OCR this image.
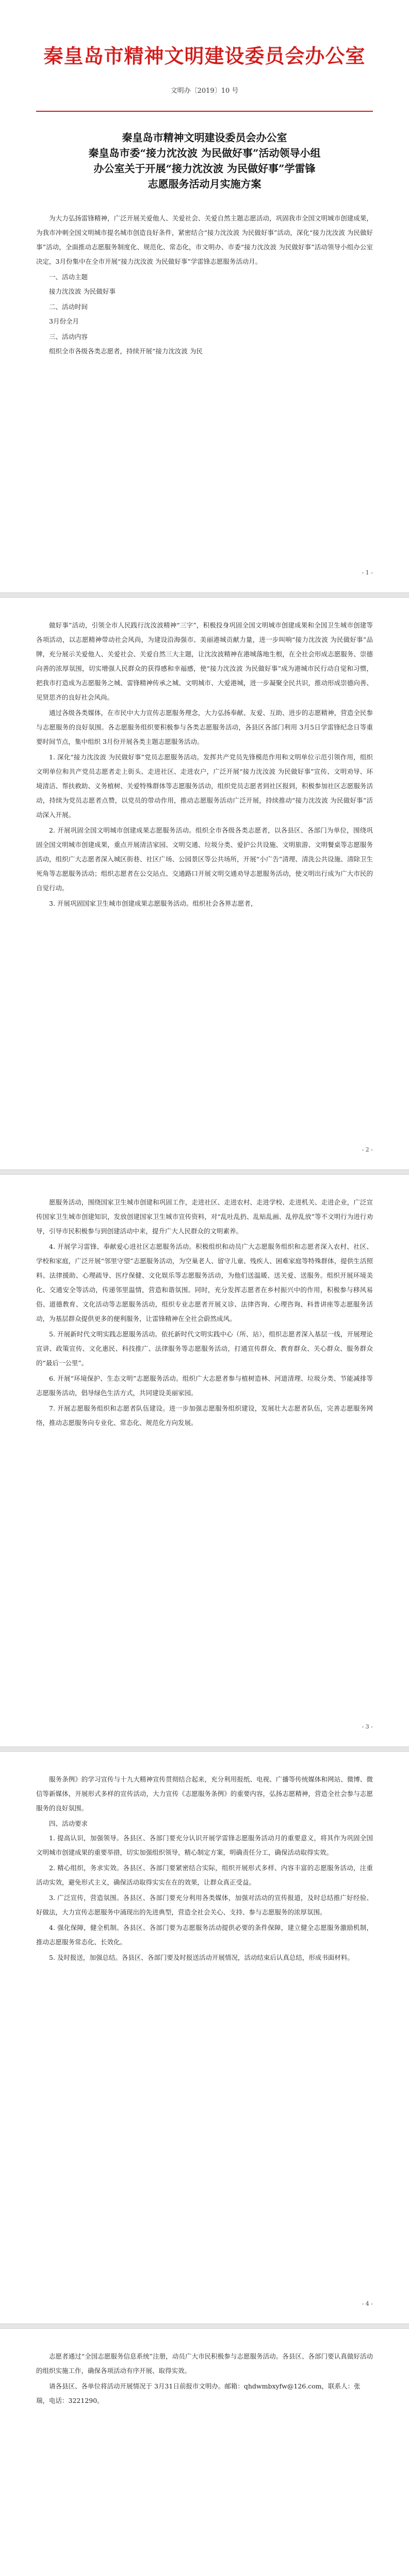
秦皇岛市精神文明建设委员会办公室
文明办〔2019〕10 号
秦皇岛市精神文明建设委员会办公室
秦皇岛市委“接力沈汝波 为民做好事”活动领导小组
办公室关于开展“接力沈汝波 为民做好事”学雷锋
志愿服务活动月实施方案

为大力弘扬雷锋精神，广泛开展关爱他人、关爱社会、关爱自然主题志愿活动，巩固我市全国文明城市创建成果，为我市冲刺全国文明城市提名城市创造良好条件，紧密结合“接力沈汝波 为民做好事”活动，深化“接力沈汝波 为民做好事”活动，全面推动志愿服务制度化、规范化、常态化，市文明办、市委“接力沈汝波 为民做好事”活动领导小组办公室决定，3月份集中在全市开展“接力沈汝波 为民做好事”学雷锋志愿服务活动月。

一、活动主题

接力沈汝波 为民做好事

二、活动时间

3月份全月

三、活动内容

组织全市各级各类志愿者，持续开展“接力沈汝波 为民

- 1 -

做好事”活动，引领全市人民践行沈汝波精神“三字”，积极投身巩固全国文明城市创建成果和全国卫生城市创建等各项活动，以志愿精神带动社会风尚，为建设沿海强市、美丽港城贡献力量，进一步叫响“接力沈汝波 为民做好事”品牌，充分展示关爱他人、关爱社会、关爱自然三大主题，让沈汝波精神在港城落地生根，在全社会形成志愿服务、崇德向善的浓厚氛围，切实增强人民群众的获得感和幸福感，使“接力沈汝波 为民做好事”成为港城市民行动自觉和习惯，把我市打造成为志愿服务之城、雷锋精神传承之城、文明城市、大爱港城，进一步凝聚全民共识，推动形成崇德向善、见贤思齐的良好社会风尚。

通过各级各类媒体，在市民中大力宣传志愿服务理念，大力弘扬奉献、友爱、互助、进步的志愿精神，营造全民参与志愿服务的良好氛围。各志愿服务组织要积极参与各类志愿服务活动，各县区各部门利用 3月5日学雷锋纪念日等重要时间节点，集中组织 3月份开展各类主题志愿服务活动。

1. 深化“接力沈汝波 为民做好事”党员志愿服务活动。发挥共产党员先锋模范作用和文明单位示范引领作用，组织文明单位和共产党员志愿者走上街头、走进社区、走进农户，广泛开展“接力沈汝波 为民做好事”宣传、文明劝导、环境清洁、帮扶救助、义务植树、关爱特殊群体等志愿服务活动，组织党员志愿者到社区报到，积极参加社区志愿服务活动，持续为党员志愿者点赞，以党员的带动作用，推动志愿服务活动广泛开展，持续推动“接力沈汝波 为民做好事”活动深入开展。

2. 开展巩固全国文明城市创建成果志愿服务活动。组织全市各级各类志愿者，以各县区、各部门为单位，围绕巩固全国文明城市创建成果，重点开展清洁家园、文明交通、垃圾分类、爱护公共设施、文明旅游、文明餐桌等志愿服务活动，组织广大志愿者深入城区街巷、社区广场、公园景区等公共场所，开展“小广告”清理、清洗公共设施、清除卫生死角等志愿服务活动；组织志愿者在公交站点、交通路口开展文明交通劝导志愿服务活动，使文明出行成为广大市民的自觉行动。

3. 开展巩固国家卫生城市创建成果志愿服务活动。组织社会各界志愿者，

- 2 -

愿服务活动，围绕国家卫生城市创建和巩固工作，走进社区、走进农村、走进学校、走进机关、走进企业，广泛宣传国家卫生城市创建知识，发放创建国家卫生城市宣传资料，对“乱吐乱扔、乱贴乱画、乱停乱放”等不文明行为进行劝导，引导市民积极参与到创建活动中来，提升广大人民群众的文明素养。

4. 开展学习雷锋、奉献爱心进社区志愿服务活动。积极组织和动员广大志愿服务组织和志愿者深入农村、社区、学校和家庭，广泛开展“邻里守望”志愿服务活动，为空巢老人、留守儿童、残疾人、困难家庭等特殊群体，提供生活照料、法律援助、心理疏导、医疗保健、文化娱乐等志愿服务活动，为他们送温暖、送关爱、送服务。组织开展环境美化、交通安全等活动，传递邻里温情，营造和谐氛围。同时，充分发挥志愿者在乡村振兴中的作用，积极参与移风易俗、道德教育、文化活动等志愿服务活动，组织专业志愿者开展义诊、法律咨询、心理咨询、科普讲座等志愿服务活动，为基层群众提供更多的便利服务，让雷锋精神在全社会蔚然成风。

5. 开展新时代文明实践志愿服务活动。依托新时代文明实践中心（所、站），组织志愿者深入基层一线，开展理论宣讲、政策宣传、文化惠民、科技推广、法律服务等志愿服务活动，打通宣传群众、教育群众、关心群众、服务群众的“最后一公里”。

6. 开展“环境保护、生态文明”志愿服务活动。组织广大志愿者参与植树造林、河道清理、垃圾分类、节能减排等志愿服务活动，倡导绿色生活方式，共同建设美丽家园。

7. 开展志愿服务组织和志愿者队伍建设。进一步加强志愿服务组织建设，发展壮大志愿者队伍，完善志愿服务网络，推动志愿服务向专业化、常态化、规范化方向发展。

- 3 -

服务条例》的学习宣传与十九大精神宣传贯彻结合起来，充分利用报纸、电视、广播等传统媒体和网站、微博、微信等新媒体，开展形式多样的宣传活动，大力宣传《志愿服务条例》的重要内容，弘扬志愿精神，营造全社会参与志愿服务的良好氛围。

四、活动要求

1. 提高认识，加强领导。各县区、各部门要充分认识开展学雷锋志愿服务活动月的重要意义，将其作为巩固全国文明城市创建成果的重要举措，切实加强组织领导，精心制定方案，明确责任分工，确保活动取得实效。

2. 精心组织，务求实效。各县区、各部门要紧密结合实际，组织开展形式多样、内容丰富的志愿服务活动，注重活动实效，避免形式主义，确保活动取得实实在在的效果，让群众真正受益。

3. 广泛宣传，营造氛围。各县区、各部门要充分利用各类媒体，加强对活动的宣传报道，及时总结推广好经验、好做法，大力宣传志愿服务中涌现出的先进典型，营造全社会关心、支持、参与志愿服务的浓厚氛围。

4. 强化保障，健全机制。各县区、各部门要为志愿服务活动提供必要的条件保障，建立健全志愿服务激励机制，推动志愿服务常态化、长效化。

5. 及时报送，加强总结。各县区、各部门要及时报送活动开展情况，活动结束后认真总结，形成书面材料。

- 4 -

志愿者通过“全国志愿服务信息系统”注册，动员广大市民积极参与志愿服务活动。各县区、各部门要认真做好活动的组织实施工作，确保各项活动有序开展、取得实效。

请各县区、各单位将活动开展情况于 3月31日前报市文明办。邮箱：qhdwmbxyfw@126.com，联系人：张瑞，电话：3221290。
